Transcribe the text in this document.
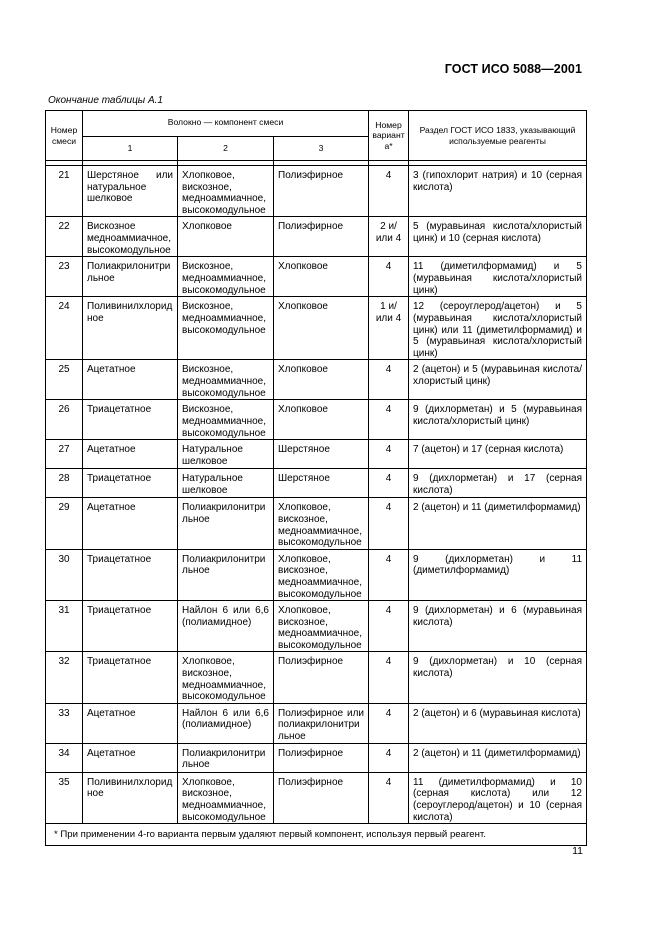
ГОСТ ИСО 5088—2001
Окончание таблицы А.1
Номер смеси	Волокно — компонент смеси			Номер варианта*	Раздел ГОСТ ИСО 1833, указывающий используемые реагенты
	1	2	3		

21	Шерстяное или натуральное шелковое	Хлопковое, вискозное, медноаммиачное, высокомодульное	Полиэфирное	4	3 (гипохлорит натрия) и 10 (серная кислота)
22	Вискозное медноаммиачное, высокомодульное	Хлопковое	Полиэфирное	2 и/или 4	5 (муравьиная кислота/хлористый цинк) и 10 (серная кислота)
23	Полиакрилонитрильное	Вискозное, медноаммиачное, высокомодульное	Хлопковое	4	11 (диметилформамид) и 5 (муравьиная кислота/хлористый цинк)
24	Поливинилхлоридное	Вискозное, медноаммиачное, высокомодульное	Хлопковое	1 и/или 4	12 (сероуглерод/ацетон) и 5 (муравьиная кислота/хлористый цинк) или 11 (диметилформамид) и 5 (муравьиная кислота/хлористый цинк)
25	Ацетатное	Вискозное, медноаммиачное, высокомодульное	Хлопковое	4	2 (ацетон) и 5 (муравьиная кислота/хлористый цинк)
26	Триацетатное	Вискозное, медноаммиачное, высокомодульное	Хлопковое	4	9 (дихлорметан) и 5 (муравьиная кислота/хлористый цинк)
27	Ацетатное	Натуральное шелковое	Шерстяное	4	7 (ацетон) и 17 (серная кислота)
28	Триацетатное	Натуральное шелковое	Шерстяное	4	9 (дихлорметан) и 17 (серная кислота)
29	Ацетатное	Полиакрилонитрильное	Хлопковое, вискозное, медноаммиачное, высокомодульное	4	2 (ацетон) и 11 (диметилформамид)
30	Триацетатное	Полиакрилонитрильное	Хлопковое, вискозное, медноаммиачное, высокомодульное	4	9 (дихлорметан) и 11 (диметилформамид)
31	Триацетатное	Найлон 6 или 6,6 (полиамидное)	Хлопковое, вискозное, медноаммиачное, высокомодульное	4	9 (дихлорметан) и 6 (муравьиная кислота)
32	Триацетатное	Хлопковое, вискозное, медноаммиачное, высокомодульное	Полиэфирное	4	9 (дихлорметан) и 10 (серная кислота)
33	Ацетатное	Найлон 6 или 6,6 (полиамидное)	Полиэфирное или полиакрилонитрильное	4	2 (ацетон) и 6 (муравьиная кислота)
34	Ацетатное	Полиакрилонитрильное	Полиэфирное	4	2 (ацетон) и 11 (диметилформамид)
35	Поливинилхлоридное	Хлопковое, вискозное, медноаммиачное, высокомодульное	Полиэфирное	4	11 (диметилформамид) и 10 (серная кислота) или 12 (сероуглерод/ацетон) и 10 (серная кислота)
* При применении 4-го варианта первым удаляют первый компонент, используя первый реагент.					
11
